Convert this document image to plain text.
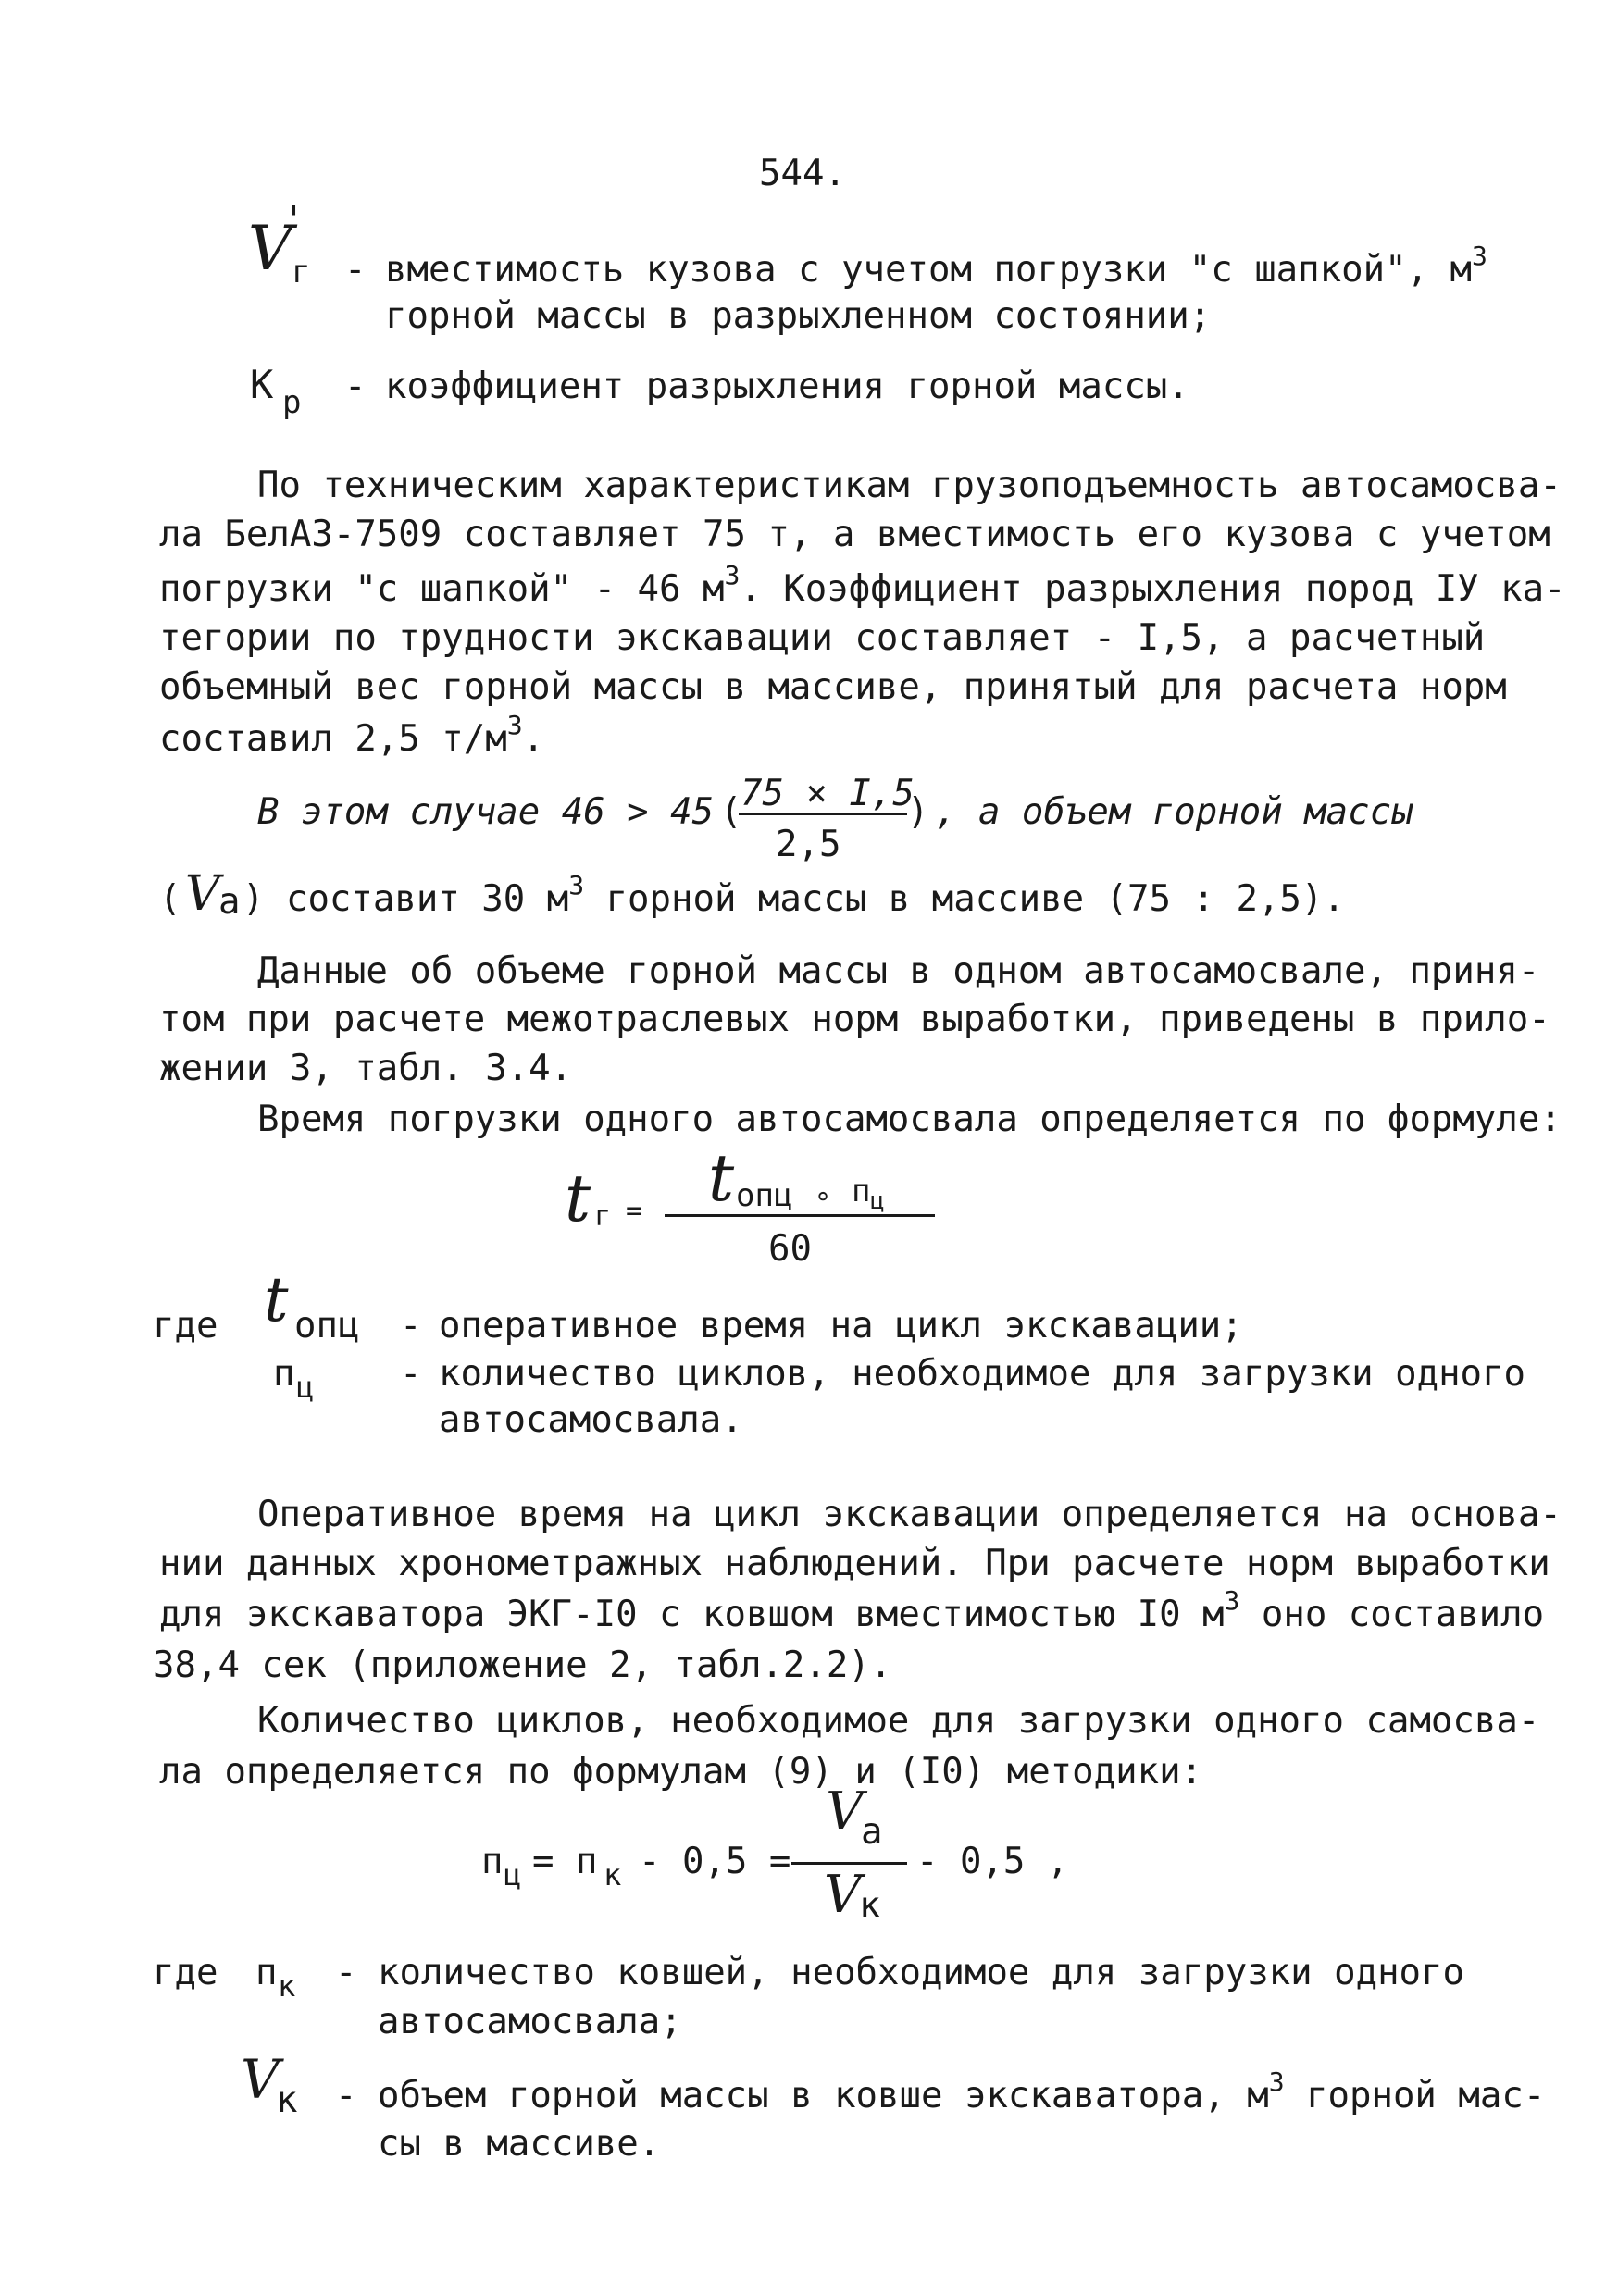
544.
V
'
г - вместимость кузова с учетом погрузки "с шапкой", $м^3$
горной массы в разрыхленном состоянии;
К р - коэффициент разрыхления горной массы.
По техническим характеристикам грузоподъемность автосамосва-
ла БелАЗ-7509 составляет 75 т, а вместимость его кузова с учетом
погрузки "с шапкой" - 46 $м^3$. Коэффициент разрыхления пород IУ ка-
тегории по трудности экскавации составляет - I,5, а расчетный
объемный вес горной массы в массиве, принятый для расчета норм
составил 2,5 $т/м^3$.
В этом случае 46 > 45 (
75 × I,5
2,5
) , а объем горной массы
( V
а ) составит 30 $м^3$ горной массы в массиве (75 : 2,5).
Данные об объеме горной массы в одном автосамосвале, приня-
том при расчете межотраслевых норм выработки, приведены в прило-
жении 3, табл. 3.4.
Время погрузки одного автосамосвала определяется по формуле:
t г = t опц ∘ п ц
60
где t опц - оперативное время на цикл экскавации;
п ц - количество циклов, необходимое для загрузки одного
автосамосвала.
Оперативное время на цикл экскавации определяется на основа-
нии данных хронометражных наблюдений. При расчете норм выработки
для экскаватора ЭКГ-I0 с ковшом вместимостью I0 $м^3$ оно составило
38,4 сек (приложение 2, табл.2.2).
Количество циклов, необходимое для загрузки одного самосва-
ла определяется по формулам (9) и (I0) методики:
п ц = п к - 0,5 =
V
а
V
к
- 0,5 ,
где п к - количество ковшей, необходимое для загрузки одного
автосамосвала;
V
к - объем горной массы в ковше экскаватора, $м^3$ горной мас-
сы в массиве.
